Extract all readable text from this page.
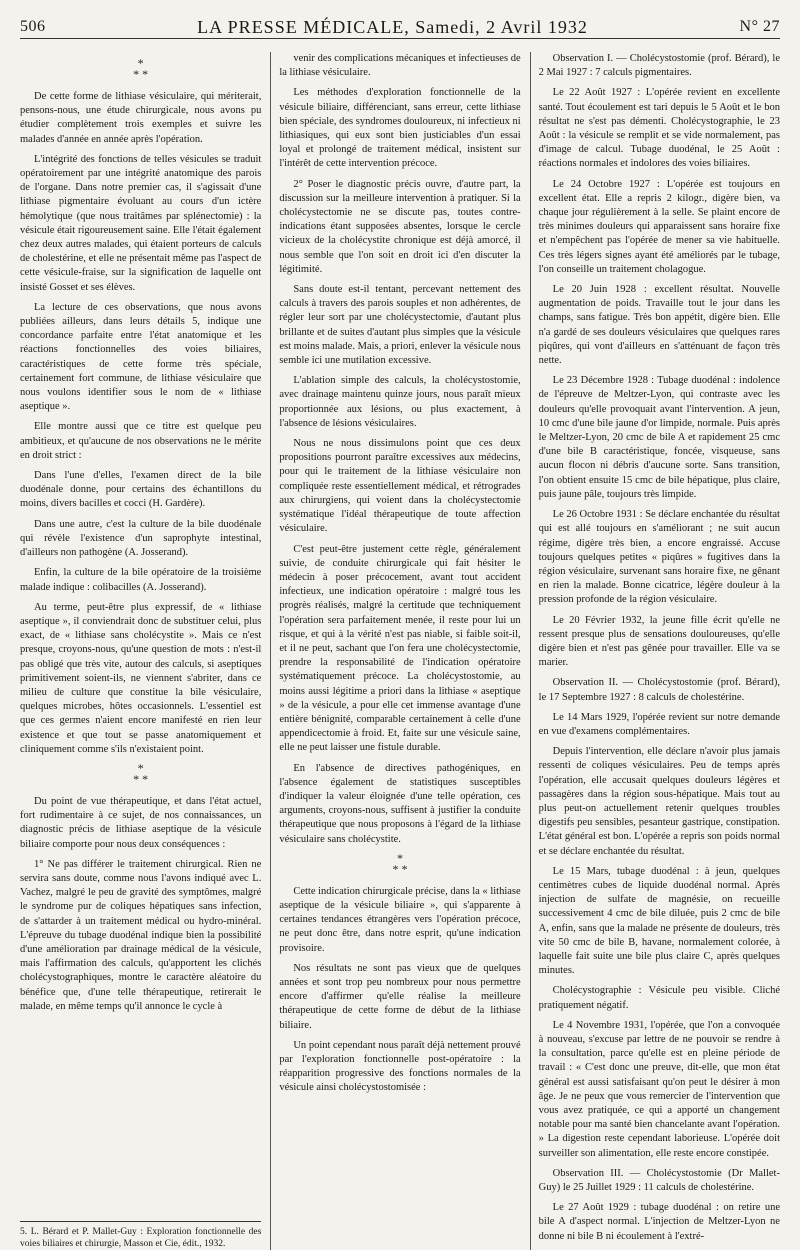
506	LA PRESSE MÉDICALE, Samedi, 2 Avril 1932	N° 27
*
* *

De cette forme de lithiase vésiculaire, qui mériterait, pensons-nous, une étude chirurgicale, nous avons pu étudier complètement trois exemples et suivre les malades d'année en année après l'opération.

L'intégrité des fonctions de telles vésicules se traduit opératoirement par une intégrité anatomique des parois de l'organe. Dans notre premier cas, il s'agissait d'une lithiase pigmentaire évoluant au cours d'un ictère hémolytique (que nous traitâmes par splénectomie) : la vésicule était rigoureusement saine. Elle l'était également chez deux autres malades, qui étaient porteurs de calculs de cholestérine, et elle ne présentait même pas l'aspect de cette vésicule-fraise, sur la signification de laquelle ont insisté Gosset et ses élèves.

La lecture de ces observations, que nous avons publiées ailleurs, dans leurs détails 5, indique une concordance parfaite entre l'état anatomique et les réactions fonctionnelles des voies biliaires, caractéristiques de cette forme très spéciale, certainement fort commune, de lithiase vésiculaire que nous voulons identifier sous le nom de « lithiase aseptique ».

Elle montre aussi que ce titre est quelque peu ambitieux, et qu'aucune de nos observations ne le mérite en droit strict :

Dans l'une d'elles, l'examen direct de la bile duodénale donne, pour certains des échantillons du moins, divers bacilles et cocci (H. Gardère).

Dans une autre, c'est la culture de la bile duodénale qui révèle l'existence d'un saprophyte intestinal, d'ailleurs non pathogène (A. Josserand).

Enfin, la culture de la bile opératoire de la troisième malade indique : colibacilles (A. Josserand).

Au terme, peut-être plus expressif, de « lithiase aseptique », il conviendrait donc de substituer celui, plus exact, de « lithiase sans cholécystite ». Mais ce n'est presque, croyons-nous, qu'une question de mots : n'est-il pas obligé que très vite, autour des calculs, si aseptiques primitivement soient-ils, ne viennent s'abriter, dans ce milieu de culture que constitue la bile vésiculaire, quelques microbes, hôtes occasionnels. L'essentiel est que ces germes n'aient encore manifesté en rien leur existence et que tout se passe anatomiquement et cliniquement comme s'ils n'existaient point.

*
* *

Du point de vue thérapeutique, et dans l'état actuel, fort rudimentaire à ce sujet, de nos connaissances, un diagnostic précis de lithiase aseptique de la vésicule biliaire comporte pour nous deux conséquences :

1° Ne pas différer le traitement chirurgical. Rien ne servira sans doute, comme nous l'avons indiqué avec L. Vachez, malgré le peu de gravité des symptômes, malgré le syndrome pur de coliques hépatiques sans infection, de s'attarder à un traitement médical ou hydro-minéral. L'épreuve du tubage duodénal indique bien la possibilité d'une amélioration par drainage médical de la vésicule, mais l'affirmation des calculs, qu'apportent les clichés cholécystographiques, montre le caractère aléatoire du bénéfice que, d'une telle thérapeutique, retirerait le malade, en même temps qu'il annonce le cycle à

5. L. Bérard et P. Mallet-Guy : Exploration fonctionnelle des voies biliaires et chirurgie, Masson et Cie, édit., 1932.

venir des complications mécaniques et infectieuses de la lithiase vésiculaire.

Les méthodes d'exploration fonctionnelle de la vésicule biliaire, différenciant, sans erreur, cette lithiase bien spéciale, des syndromes douloureux, ni infectieux ni lithiasiques, qui eux sont bien justiciables d'un essai loyal et prolongé de traitement médical, insistent sur l'intérêt de cette intervention précoce.

2° Poser le diagnostic précis ouvre, d'autre part, la discussion sur la meilleure intervention à pratiquer. Si la cholécystectomie ne se discute pas, toutes contre-indications étant supposées absentes, lorsque le cercle vicieux de la cholécystite chronique est déjà amorcé, il nous semble que l'on soit en droit ici d'en discuter la légitimité.

Sans doute est-il tentant, percevant nettement des calculs à travers des parois souples et non adhérentes, de régler leur sort par une cholécystectomie, d'autant plus brillante et de suites d'autant plus simples que la vésicule est moins malade. Mais, a priori, enlever la vésicule nous semble ici une mutilation excessive.

L'ablation simple des calculs, la cholécystostomie, avec drainage maintenu quinze jours, nous paraît mieux proportionnée aux lésions, ou plus exactement, à l'absence de lésions vésiculaires.

Nous ne nous dissimulons point que ces deux propositions pourront paraître excessives aux médecins, pour qui le traitement de la lithiase vésiculaire non compliquée reste essentiellement médical, et rétrogrades aux chirurgiens, qui voient dans la cholécystectomie systématique l'idéal thérapeutique de toute affection vésiculaire.

C'est peut-être justement cette règle, généralement suivie, de conduite chirurgicale qui fait hésiter le médecin à poser précocement, avant tout accident infectieux, une indication opératoire : malgré tous les progrès réalisés, malgré la certitude que techniquement l'opération sera parfaitement menée, il reste pour lui un risque, et qui à la vérité n'est pas niable, si faible soit-il, et il ne peut, sachant que l'on fera une cholécystectomie, prendre la responsabilité de l'indication opératoire systématiquement précoce. La cholécystostomie, au moins aussi légitime a priori dans la lithiase « aseptique » de la vésicule, a pour elle cet immense avantage d'une entière bénignité, comparable certainement à celle d'une appendicectomie à froid. Et, faite sur une vésicule saine, elle ne peut laisser une fistule durable.

En l'absence de directives pathogéniques, en l'absence également de statistiques susceptibles d'indiquer la valeur éloignée d'une telle opération, ces arguments, croyons-nous, suffisent à justifier la conduite thérapeutique que nous proposons à l'égard de la lithiase vésiculaire sans cholécystite.

*
* *

Cette indication chirurgicale précise, dans la « lithiase aseptique de la vésicule biliaire », qui s'apparente à certaines tendances étrangères vers l'opération précoce, ne peut donc être, dans notre esprit, qu'une indication provisoire.

Nos résultats ne sont pas vieux que de quelques années et sont trop peu nombreux pour nous permettre encore d'affirmer qu'elle réalise la meilleure thérapeutique de cette forme de début de la lithiase biliaire.

Un point cependant nous paraît déjà nettement prouvé par l'exploration fonctionnelle post-opératoire : la réapparition progressive des fonctions normales de la vésicule ainsi cholécystostomisée :

Observation I. — Cholécystostomie (prof. Bérard), le 2 Mai 1927 : 7 calculs pigmentaires.

Le 22 Août 1927 : L'opérée revient en excellente santé. Tout écoulement est tari depuis le 5 Août et le bon résultat ne s'est pas démenti. Cholécystographie, le 23 Août : la vésicule se remplit et se vide normalement, pas d'image de calcul. Tubage duodénal, le 25 Août : réactions normales et indolores des voies biliaires.

Le 24 Octobre 1927 : L'opérée est toujours en excellent état. Elle a repris 2 kilogr., digère bien, va chaque jour régulièrement à la selle. Se plaint encore de très minimes douleurs qui apparaissent sans horaire fixe et n'empêchent pas l'opérée de mener sa vie habituelle. Ces très légers signes ayant été améliorés par le tubage, l'on conseille un traitement cholagogue.

Le 20 Juin 1928 : excellent résultat. Nouvelle augmentation de poids. Travaille tout le jour dans les champs, sans fatigue. Très bon appétit, digère bien. Elle n'a gardé de ses douleurs vésiculaires que quelques rares piqûres, qui vont d'ailleurs en s'atténuant de façon très nette.

Le 23 Décembre 1928 : Tubage duodénal : indolence de l'épreuve de Meltzer-Lyon, qui contraste avec les douleurs qu'elle provoquait avant l'intervention. A jeun, 10 cmc d'une bile jaune d'or limpide, normale. Puis après le Meltzer-Lyon, 20 cmc de bile A et rapidement 25 cmc d'une bile B caractéristique, foncée, visqueuse, sans aucun flocon ni débris d'aucune sorte. Sans transition, l'on obtient ensuite 15 cmc de bile hépatique, plus claire, puis jaune pâle, toujours très limpide.

Le 26 Octobre 1931 : Se déclare enchantée du résultat qui est allé toujours en s'améliorant ; ne suit aucun régime, digère très bien, a encore engraissé. Accuse toujours quelques petites « piqûres » fugitives dans la région vésiculaire, survenant sans horaire fixe, ne gênant en rien la malade. Bonne cicatrice, légère douleur à la pression profonde de la région vésiculaire.

Le 20 Février 1932, la jeune fille écrit qu'elle ne ressent presque plus de sensations douloureuses, qu'elle digère bien et n'est pas gênée pour travailler. Elle va se marier.

Observation II. — Cholécystostomie (prof. Bérard), le 17 Septembre 1927 : 8 calculs de cholestérine.

Le 14 Mars 1929, l'opérée revient sur notre demande en vue d'examens complémentaires.

Depuis l'intervention, elle déclare n'avoir plus jamais ressenti de coliques vésiculaires. Peu de temps après l'opération, elle accusait quelques douleurs légères et passagères dans la région sous-hépatique. Mais tout au plus peut-on actuellement retenir quelques troubles digestifs peu sensibles, pesanteur gastrique, constipation. L'état général est bon. L'opérée a repris son poids normal et se déclare enchantée du résultat.

Le 15 Mars, tubage duodénal : à jeun, quelques centimètres cubes de liquide duodénal normal. Après injection de sulfate de magnésie, on recueille successivement 4 cmc de bile diluée, puis 2 cmc de bile A, enfin, sans que la malade ne présente de douleurs, très vite 50 cmc de bile B, havane, normalement colorée, à laquelle fait suite une bile plus claire C, après quelques minutes.

Cholécystographie : Vésicule peu visible. Cliché pratiquement négatif.

Le 4 Novembre 1931, l'opérée, que l'on a convoquée à nouveau, s'excuse par lettre de ne pouvoir se rendre à la consultation, parce qu'elle est en pleine période de travail : « C'est donc une preuve, dit-elle, que mon état général est aussi satisfaisant qu'on peut le désirer à mon âge. Je ne peux que vous remercier de l'intervention que vous avez pratiquée, ce qui a apporté un changement notable pour ma santé bien chancelante avant l'opération. » La digestion reste cependant laborieuse. L'opérée doit surveiller son alimentation, elle reste encore constipée.

Observation III. — Cholécystostomie (Dr Mallet-Guy) le 25 Juillet 1929 : 11 calculs de cholestérine.

Le 27 Août 1929 : tubage duodénal : on retire une bile A d'aspect normal. L'injection de Meltzer-Lyon ne donne ni bile B ni écoulement à l'extré-
